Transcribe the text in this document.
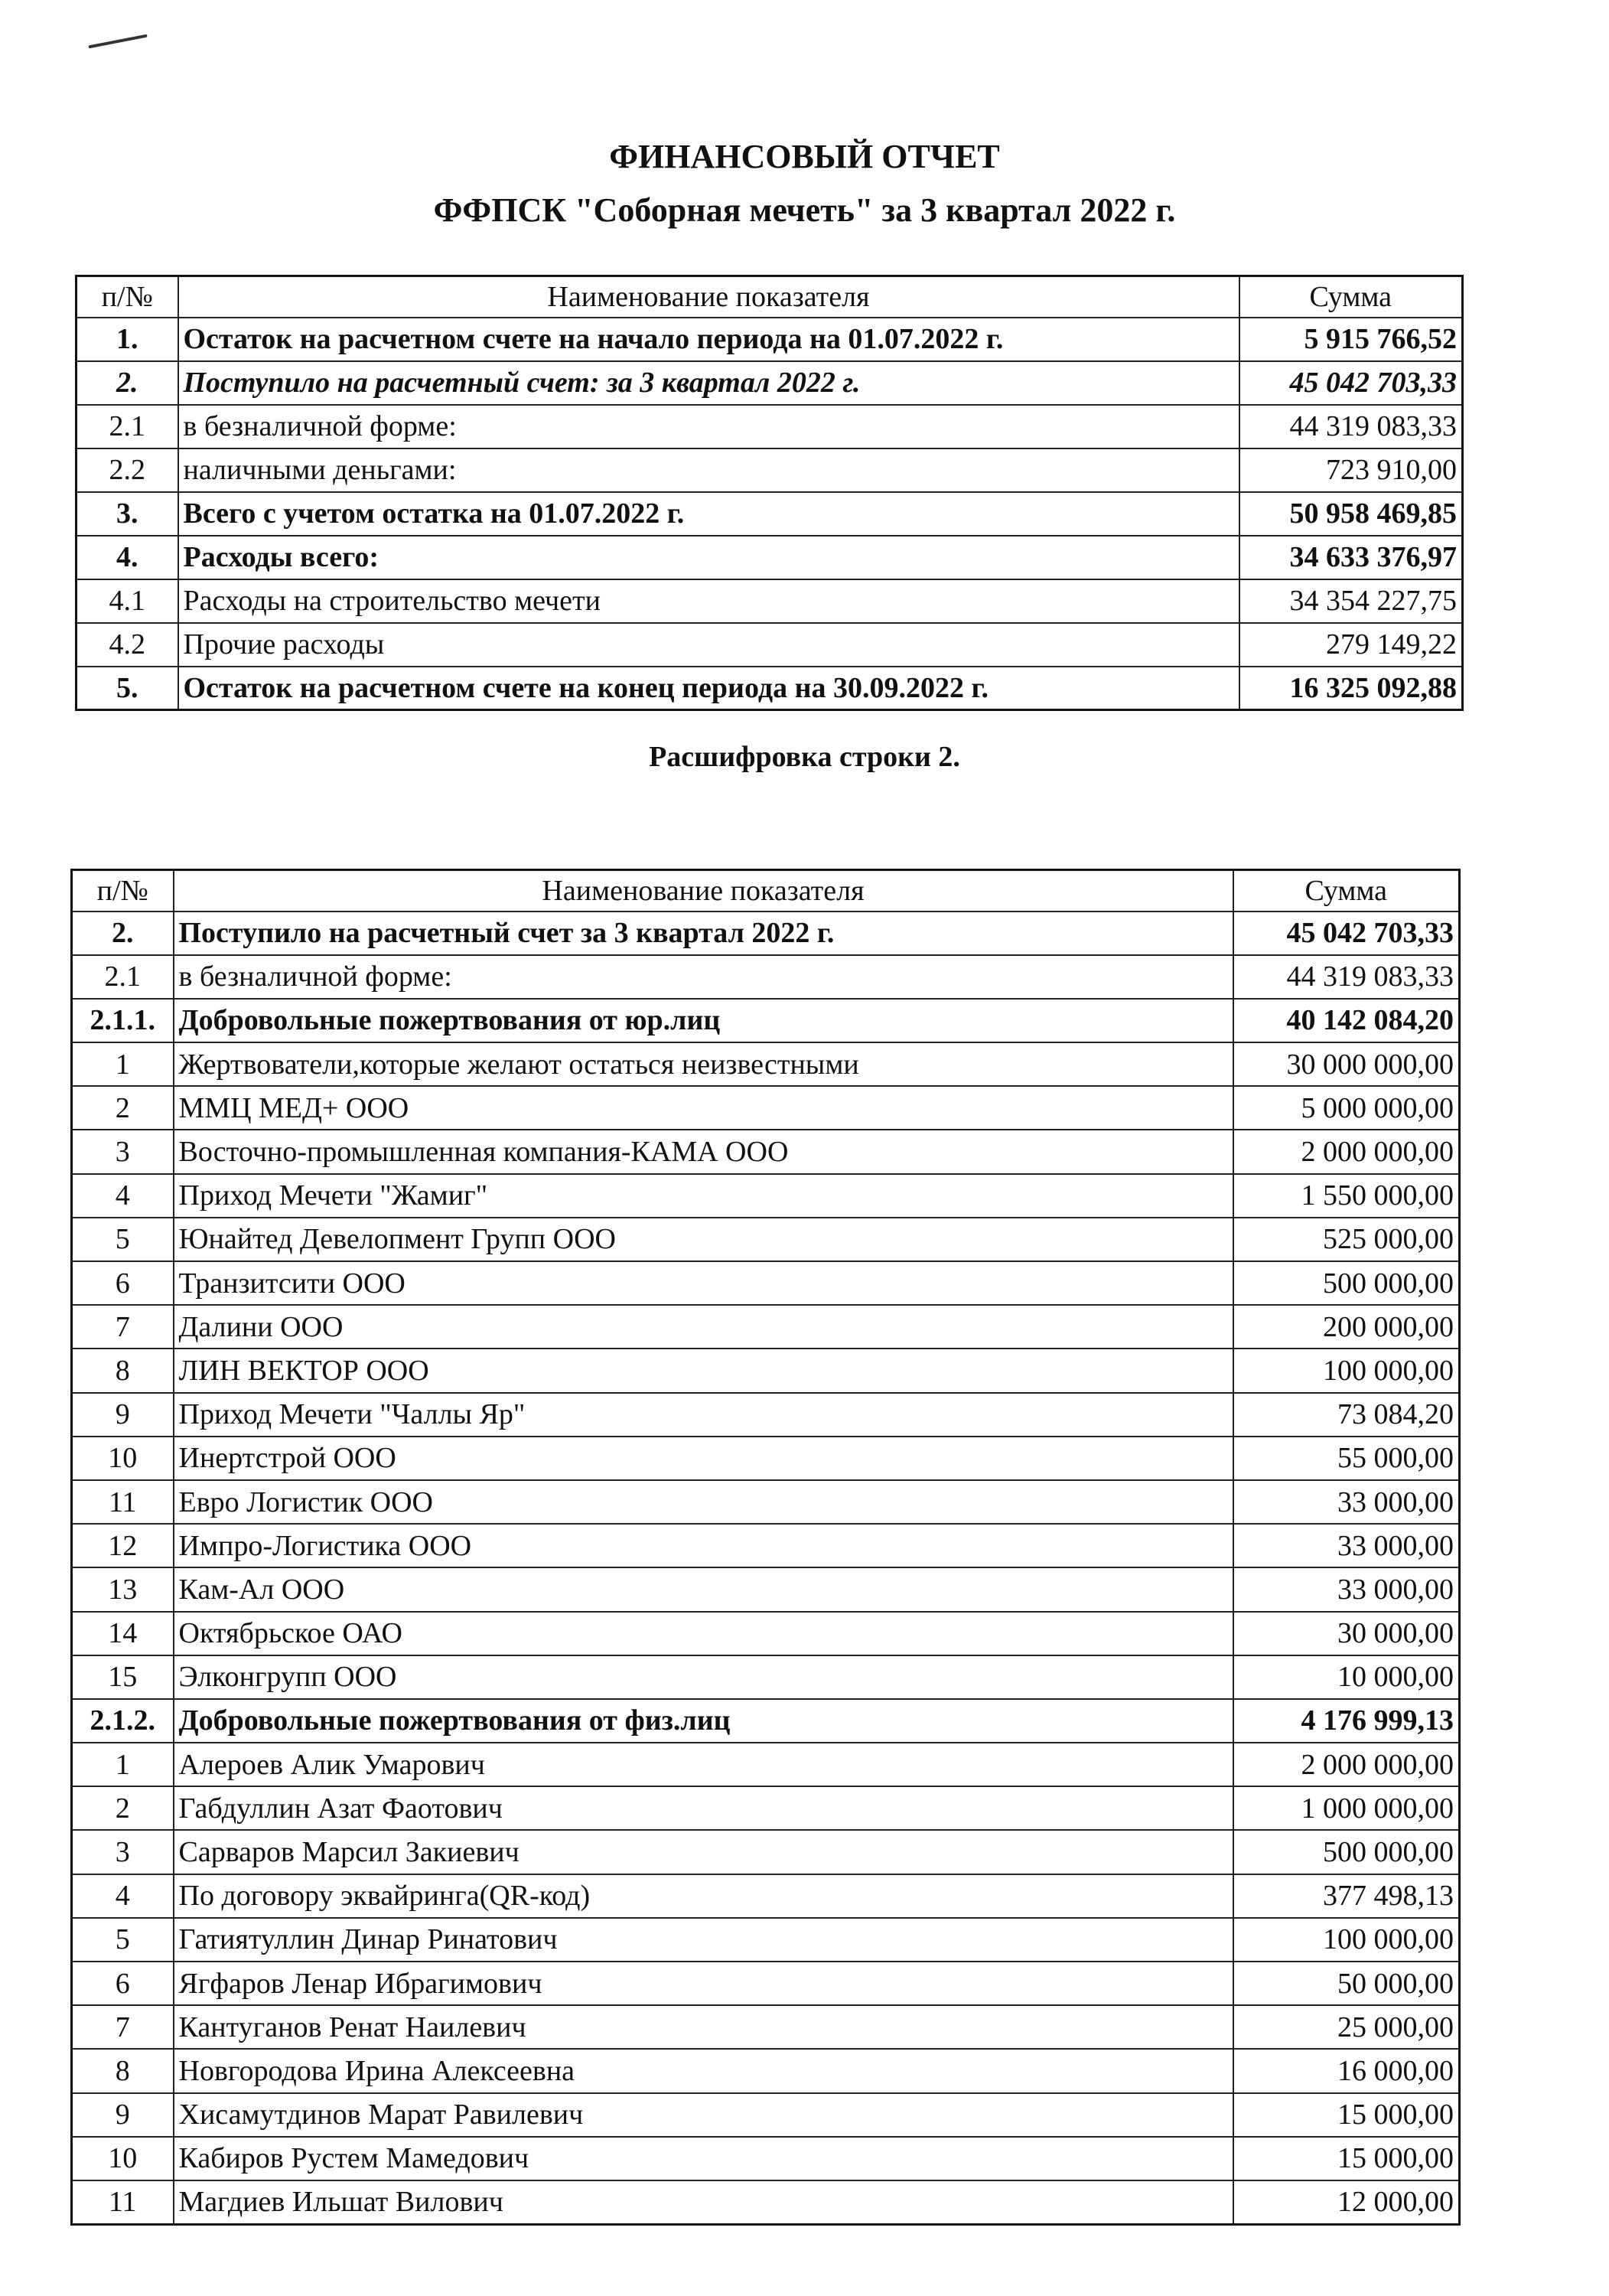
ФИНАНСОВЫЙ ОТЧЕТ
ФФПСК "Соборная мечеть" за 3 квартал 2022 г.
п/№	Наименование показателя	Сумма
1.	Остаток на расчетном счете на начало периода на 01.07.2022 г.	5 915 766,52
2.	Поступило на расчетный счет: за 3 квартал 2022 г.	45 042 703,33
2.1	в безналичной форме:	44 319 083,33
2.2	наличными деньгами:	723 910,00
3.	Всего с учетом остатка на 01.07.2022 г.	50 958 469,85
4.	Расходы всего:	34 633 376,97
4.1	Расходы на строительство мечети	34 354 227,75
4.2	Прочие расходы	279 149,22
5.	Остаток на расчетном счете на конец периода на 30.09.2022 г.	16 325 092,88
Расшифровка строки 2.
п/№	Наименование показателя	Сумма
2.	Поступило на расчетный счет за 3 квартал 2022 г.	45 042 703,33
2.1	в безналичной форме:	44 319 083,33
2.1.1.	Добровольные пожертвования от юр.лиц	40 142 084,20
1	Жертвователи,которые желают остаться неизвестными	30 000 000,00
2	ММЦ МЕД+ ООО	5 000 000,00
3	Восточно-промышленная компания-КАМА ООО	2 000 000,00
4	Приход Мечети "Жамиг"	1 550 000,00
5	Юнайтед Девелопмент Групп ООО	525 000,00
6	Транзитсити ООО	500 000,00
7	Далини ООО	200 000,00
8	ЛИН ВЕКТОР ООО	100 000,00
9	Приход Мечети "Чаллы Яр"	73 084,20
10	Инертстрой ООО	55 000,00
11	Евро Логистик ООО	33 000,00
12	Импро-Логистика ООО	33 000,00
13	Кам-Ал ООО	33 000,00
14	Октябрьское ОАО	30 000,00
15	Элконгрупп ООО	10 000,00
2.1.2.	Добровольные пожертвования от физ.лиц	4 176 999,13
1	Алероев Алик Умарович	2 000 000,00
2	Габдуллин Азат Фаотович	1 000 000,00
3	Сарваров Марсил Закиевич	500 000,00
4	По договору эквайринга(QR-код)	377 498,13
5	Гатиятуллин Динар Ринатович	100 000,00
6	Ягфаров Ленар Ибрагимович	50 000,00
7	Кантуганов Ренат Наилевич	25 000,00
8	Новгородова Ирина Алексеевна	16 000,00
9	Хисамутдинов Марат Равилевич	15 000,00
10	Кабиров Рустем Мамедович	15 000,00
11	Магдиев Ильшат Вилович	12 000,00
